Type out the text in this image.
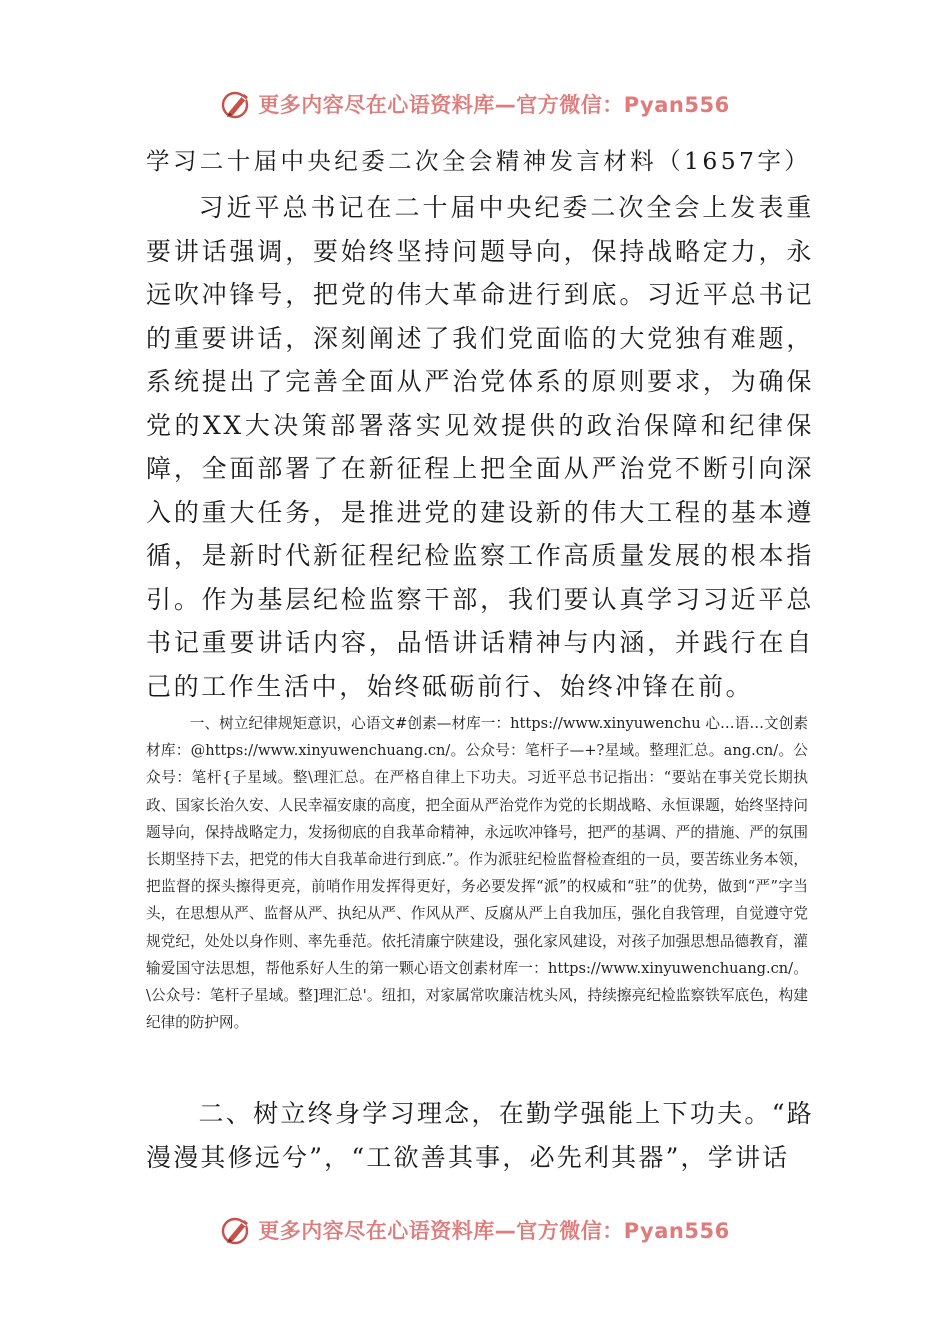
更多内容尽在心语资料库—官方微信：Pyan556
学习二十届中央纪委二次全会精神发言材料（1657字）

习近平总书记在二十届中央纪委二次全会上发表重要讲话强调，要始终坚持问题导向，保持战略定力，永远吹冲锋号，把党的伟大革命进行到底。习近平总书记的重要讲话，深刻阐述了我们党面临的大党独有难题，系统提出了完善全面从严治党体系的原则要求，为确保党的XX大决策部署落实见效提供的政治保障和纪律保障，全面部署了在新征程上把全面从严治党不断引向深入的重大任务，是推进党的建设新的伟大工程的基本遵循，是新时代新征程纪检监察工作高质量发展的根本指引。作为基层纪检监察干部，我们要认真学习习近平总书记重要讲话内容，品悟讲话精神与内涵，并践行在自己的工作生活中，始终砥砺前行、始终冲锋在前。

一、树立纪律规矩意识，心语文#创素—材库一：https://www.xinyuwenchu 心…语…文创素材库：@https://www.xinyuwenchuang.cn/。公众号：笔杆子—+?星域。整理汇总。ang.cn/。公众号：笔杆{子星域。整\理汇总。在严格自律上下功夫。习近平总书记指出：“要站在事关党长期执政、国家长治久安、人民幸福安康的高度，把全面从严治党作为党的长期战略、永恒课题，始终坚持问题导向，保持战略定力，发扬彻底的自我革命精神，永远吹冲锋号，把严的基调、严的措施、严的氛围长期坚持下去，把党的伟大自我革命进行到底.”。作为派驻纪检监督检查组的一员，要苦练业务本领，把监督的探头擦得更亮，前哨作用发挥得更好，务必要发挥“派”的权威和“驻”的优势，做到“严”字当头，在思想从严、监督从严、执纪从严、作风从严、反腐从严上自我加压，强化自我管理，自觉遵守党规党纪，处处以身作则、率先垂范。依托清廉宁陕建设，强化家风建设，对孩子加强思想品德教育，灌输爱国守法思想，帮他系好人生的第一颗心语文创素材库一：https://www.xinyuwenchuang.cn/。\公众号：笔杆子星域。整]理汇总'。纽扣，对家属常吹廉洁枕头风，持续擦亮纪检监察铁军底色，构建纪律的防护网。

二、树立终身学习理念，在勤学强能上下功夫。“路漫漫其修远兮”，“工欲善其事，必先利其器”，学讲话

更多内容尽在心语资料库—官方微信：Pyan556
